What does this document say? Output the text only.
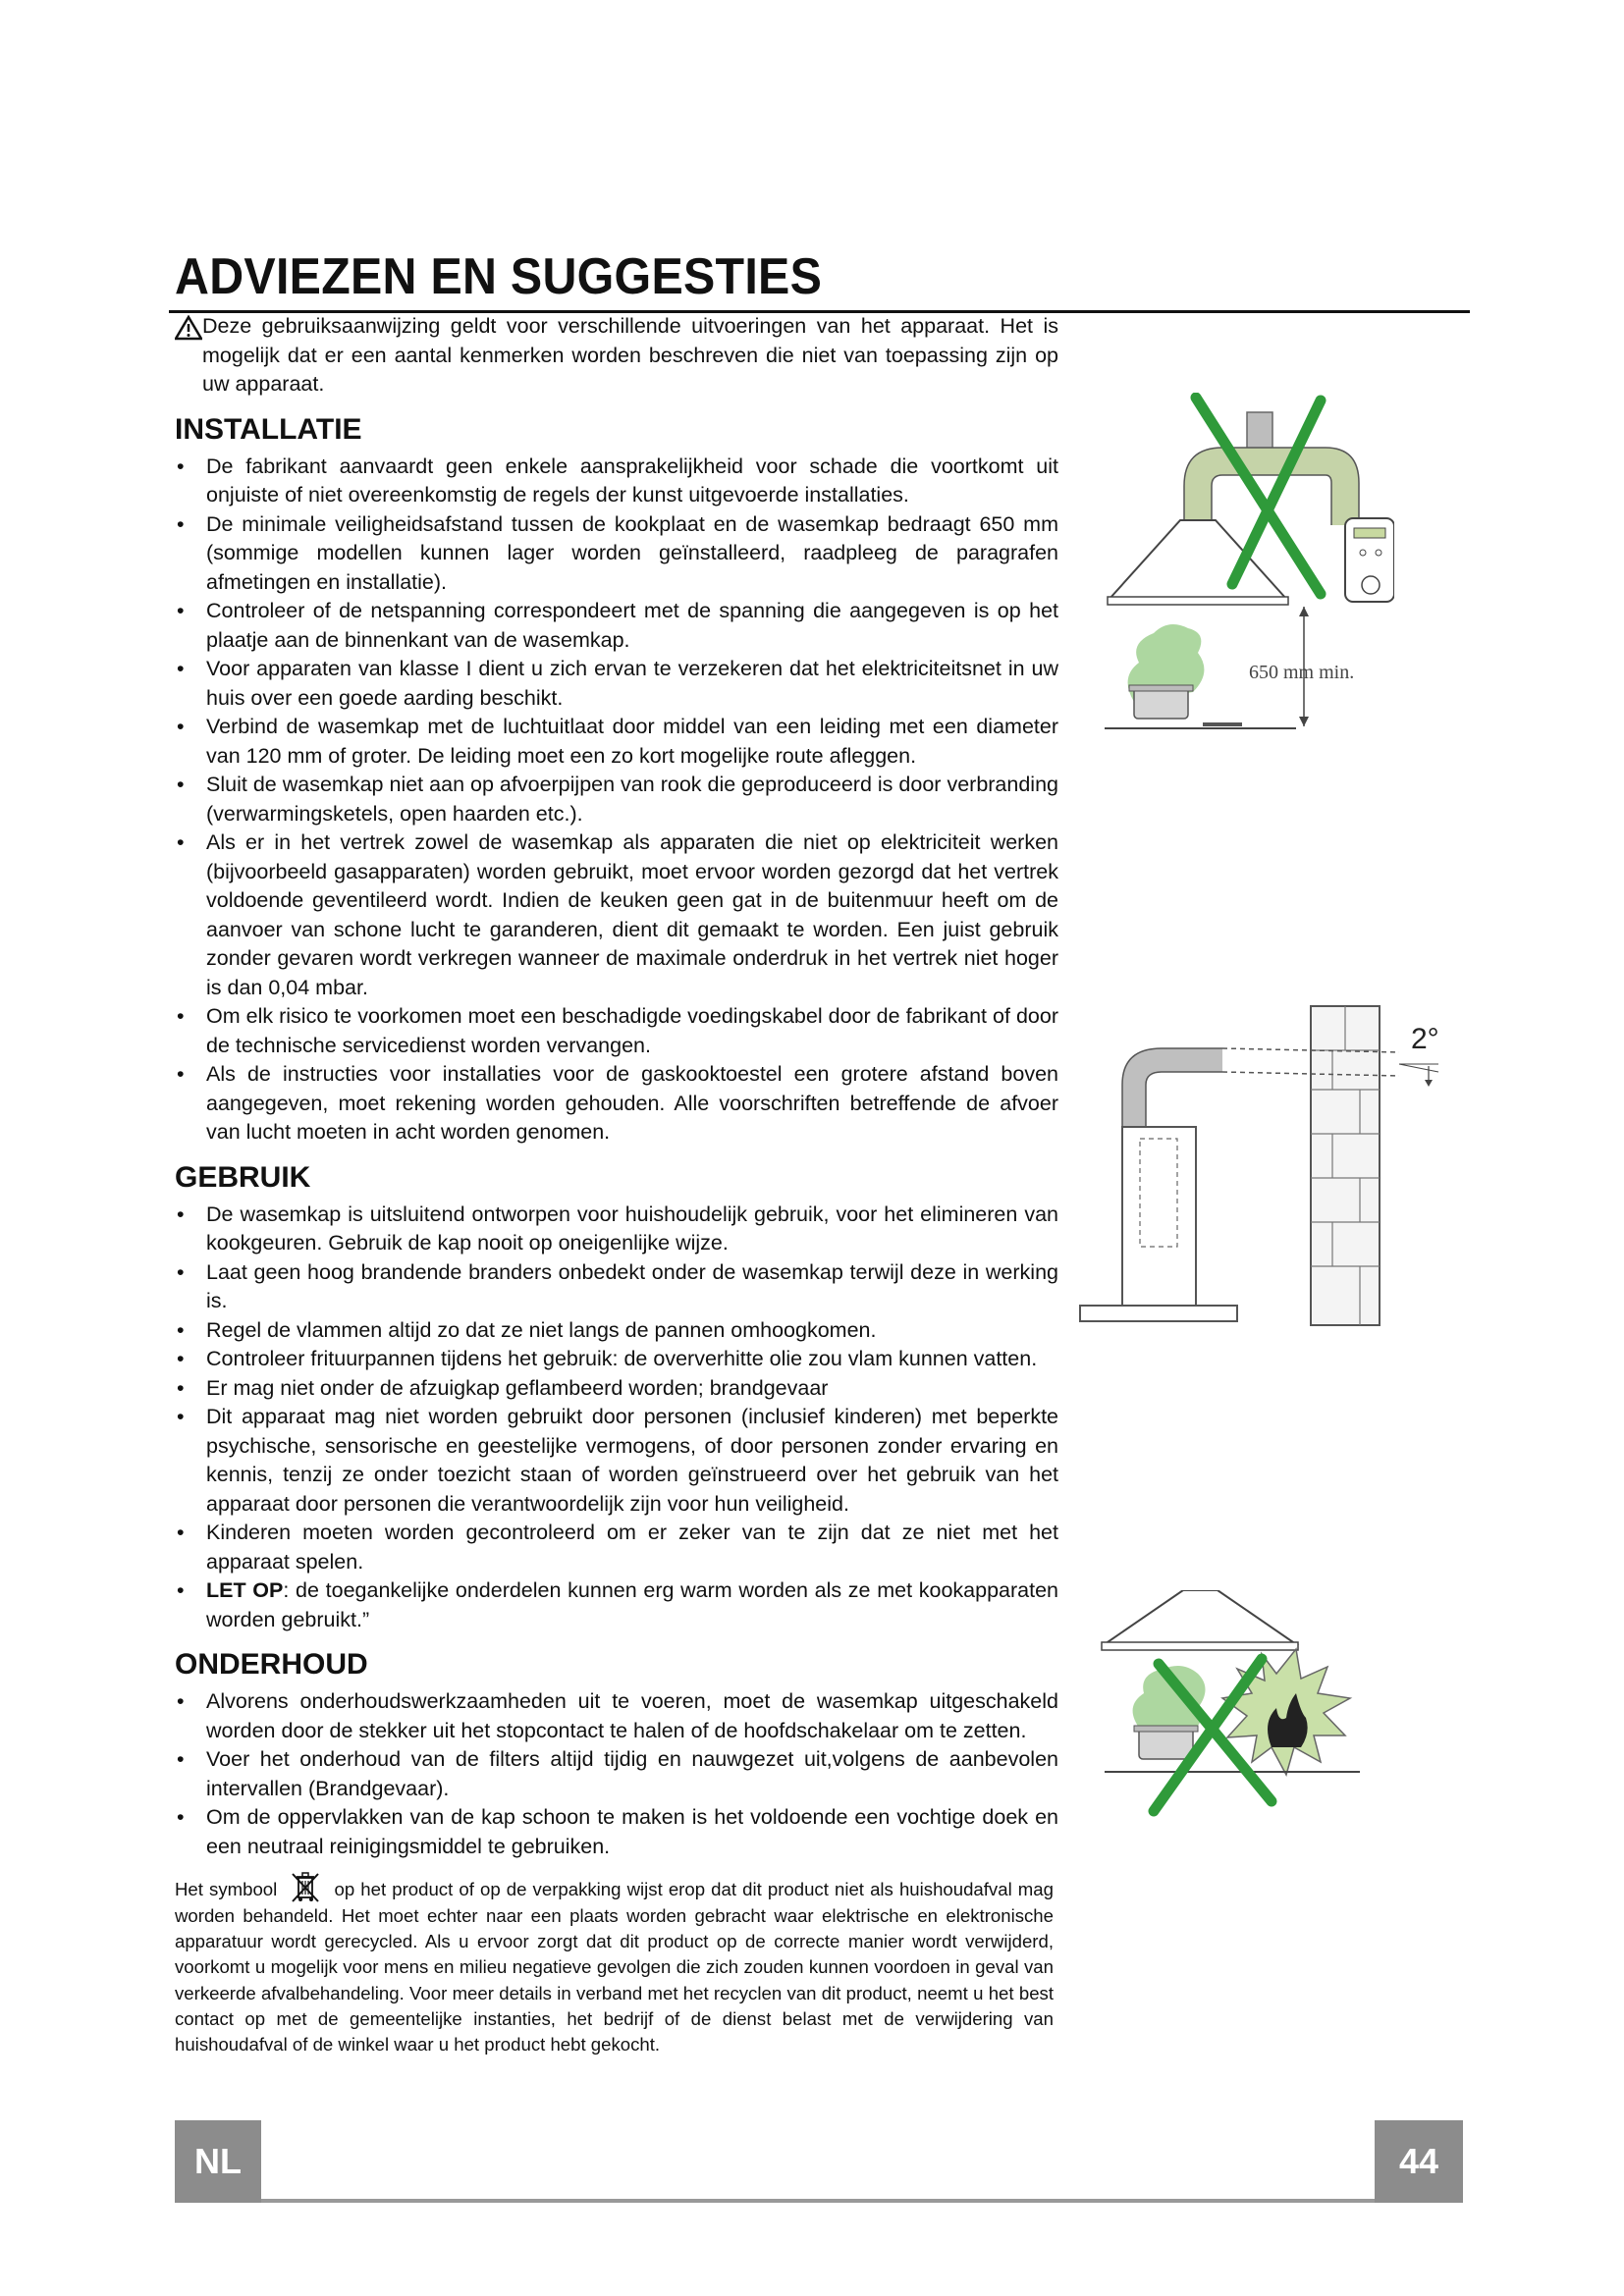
ADVIEZEN EN SUGGESTIES

Deze gebruiksaanwijzing geldt voor verschillende uitvoeringen van het apparaat. Het is mogelijk dat er een aantal kenmerken worden beschreven die niet van toepassing zijn op uw apparaat.

INSTALLATIE
• De fabrikant aanvaardt geen enkele aansprakelijkheid voor schade die voortkomt uit onjuiste of niet overeenkomstig de regels der kunst uitgevoerde installaties.
• De minimale veiligheidsafstand tussen de kookplaat en de wasemkap bedraagt 650 mm (sommige modellen kunnen lager worden geïnstalleerd, raadpleeg de paragrafen afmetingen en installatie).
• Controleer of de netspanning correspondeert met de spanning die aangegeven is op het plaatje aan de binnenkant van de wasemkap.
• Voor apparaten van klasse I dient u zich ervan te verzekeren dat het elektriciteitsnet in uw huis over een goede aarding beschikt.
• Verbind de wasemkap met de luchtuitlaat door middel van een leiding met een diameter van 120 mm of groter. De leiding moet een zo kort mogelijke route afleggen.
• Sluit de wasemkap niet aan op afvoerpijpen van rook die geproduceerd is door verbranding (verwarmingsketels, open haarden etc.).
• Als er in het vertrek zowel de wasemkap als apparaten die niet op elektriciteit werken (bijvoorbeeld gasapparaten) worden gebruikt, moet ervoor worden gezorgd dat het vertrek voldoende geventileerd wordt. Indien de keuken geen gat in de buitenmuur heeft om de aanvoer van schone lucht te garanderen, dient dit gemaakt te worden. Een juist gebruik zonder gevaren wordt verkregen wanneer de maximale onderdruk in het vertrek niet hoger is dan 0,04 mbar.
• Om elk risico te voorkomen moet een beschadigde voedingskabel door de fabrikant of door de technische servicedienst worden vervangen.
• Als de instructies voor installaties voor de gaskooktoestel een grotere afstand boven aangegeven, moet rekening worden gehouden. Alle voorschriften betreffende de afvoer van lucht moeten in acht worden genomen.
GEBRUIK
• De wasemkap is uitsluitend ontworpen voor huishoudelijk gebruik, voor het elimineren van kookgeuren. Gebruik de kap nooit op oneigenlijke wijze.
• Laat geen hoog brandende branders onbedekt onder de wasemkap terwijl deze in werking is.
• Regel de vlammen altijd zo dat ze niet langs de pannen omhoogkomen.
• Controleer frituurpannen tijdens het gebruik: de oververhitte olie zou vlam kunnen vatten.
• Er mag niet onder de afzuigkap geflambeerd worden; brandgevaar
• Dit apparaat mag niet worden gebruikt door personen (inclusief kinderen) met beperkte psychische, sensorische en geestelijke vermogens, of door personen zonder ervaring en kennis, tenzij ze onder toezicht staan of worden geïnstrueerd over het gebruik van het apparaat door personen die verantwoordelijk zijn voor hun veiligheid.
• Kinderen moeten worden gecontroleerd om er zeker van te zijn dat ze niet met het apparaat spelen.
• LET OP: de toegankelijke onderdelen kunnen erg warm worden als ze met kookapparaten worden gebruikt.”
ONDERHOUD
• Alvorens onderhoudswerkzaamheden uit te voeren, moet de wasemkap uitgeschakeld worden door de stekker uit het stopcontact te halen of de hoofdschakelaar om te zetten.
• Voer het onderhoud van de filters altijd tijdig en nauwgezet uit,volgens de aanbevolen intervallen (Brandgevaar).
• Om de oppervlakken van de kap schoon te maken is het voldoende een vochtige doek en een neutraal reinigingsmiddel te gebruiken.

Het symbool	op het product of op de verpakking wijst erop dat dit product niet als huishoudafval mag worden behandeld. Het moet echter naar een plaats worden gebracht waar elektrische en elektronische apparatuur wordt gerecycled. Als u ervoor zorgt dat dit product op de correcte manier wordt verwijderd, voorkomt u mogelijk voor mens en milieu negatieve gevolgen die zich zouden kunnen voordoen in geval van verkeerde afvalbehandeling. Voor meer details in verband met het recyclen van dit product, neemt u het best contact op met de gemeentelijke instanties, het bedrijf of de dienst belast met de verwijdering van huishoudafval of de winkel waar u het product hebt gekocht.

650 mm min.
2°
NL	44
